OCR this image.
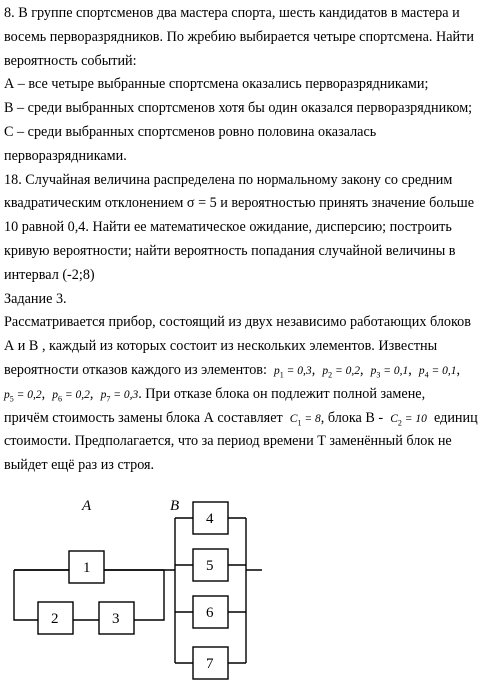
8. В группе спортсменов два мастера спорта, шесть кандидатов в мастера и
восемь перворазрядников. По жребию выбирается четыре спортсмена. Найти
вероятность событий:
А – все четыре выбранные спортсмена оказались перворазрядниками;
В – среди выбранных спортсменов хотя бы один оказался перворазрядником;
С – среди выбранных спортсменов ровно половина оказалась
перворазрядниками.
18. Случайная величина распределена по нормальному закону со средним
квадратическим отклонением σ = 5 и вероятностью принять значение больше
10 равной 0,4. Найти ее математическое ожидание, дисперсию; построить
кривую вероятности; найти вероятность попадания случайной величины в
интервал (-2;8)
Задание 3.
Рассматривается прибор, состоящий из двух независимо работающих блоков
А и В , каждый из которых состоит из нескольких элементов. Известны
вероятности отказов каждого из элементов: $p_1 = 0,3$,  $p_2 = 0,2$,  $p_3 = 0,1$,  $p_4 = 0,1$,
$p_5 = 0,2$,  $p_6 = 0,2$,  $p_7 = 0,3$. При отказе блока он подлежит полной замене,
причём стоимость замены блока А составляет $C_1 = 8$, блока $В - C_2 = 10$ единиц
стоимости. Предполагается, что за период времени Т заменённый блок не
выйдет ещё раз из строя.
A
1
2	3
B
4
5
6
7
